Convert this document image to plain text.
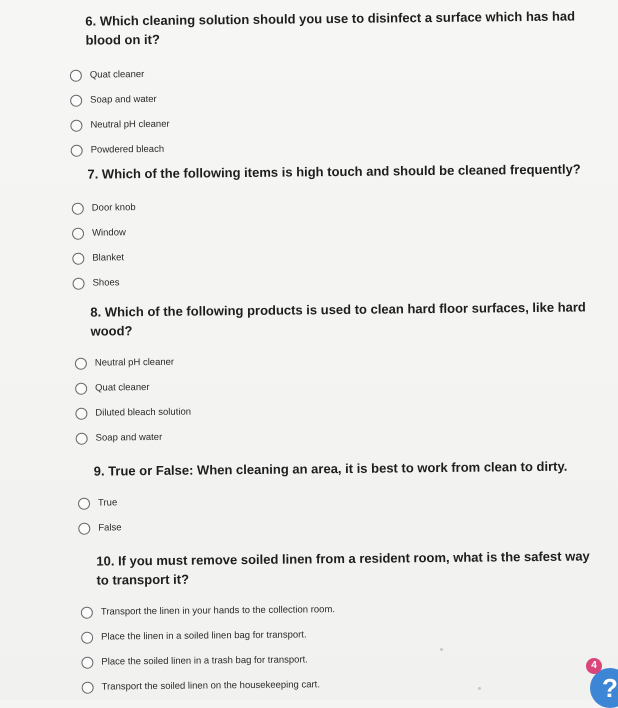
6. Which cleaning solution should you use to disinfect a surface which has had blood on it?
Quat cleaner
Soap and water
Neutral pH cleaner
Powdered bleach
7. Which of the following items is high touch and should be cleaned frequently?
Door knob
Window
Blanket
Shoes
8. Which of the following products is used to clean hard floor surfaces, like hard wood?
Neutral pH cleaner
Quat cleaner
Diluted bleach solution
Soap and water
9. True or False: When cleaning an area, it is best to work from clean to dirty.
True
False
10. If you must remove soiled linen from a resident room, what is the safest way to transport it?
Transport the linen in your hands to the collection room.
Place the linen in a soiled linen bag for transport.
Place the soiled linen in a trash bag for transport.
Transport the soiled linen on the housekeeping cart.	?
4
